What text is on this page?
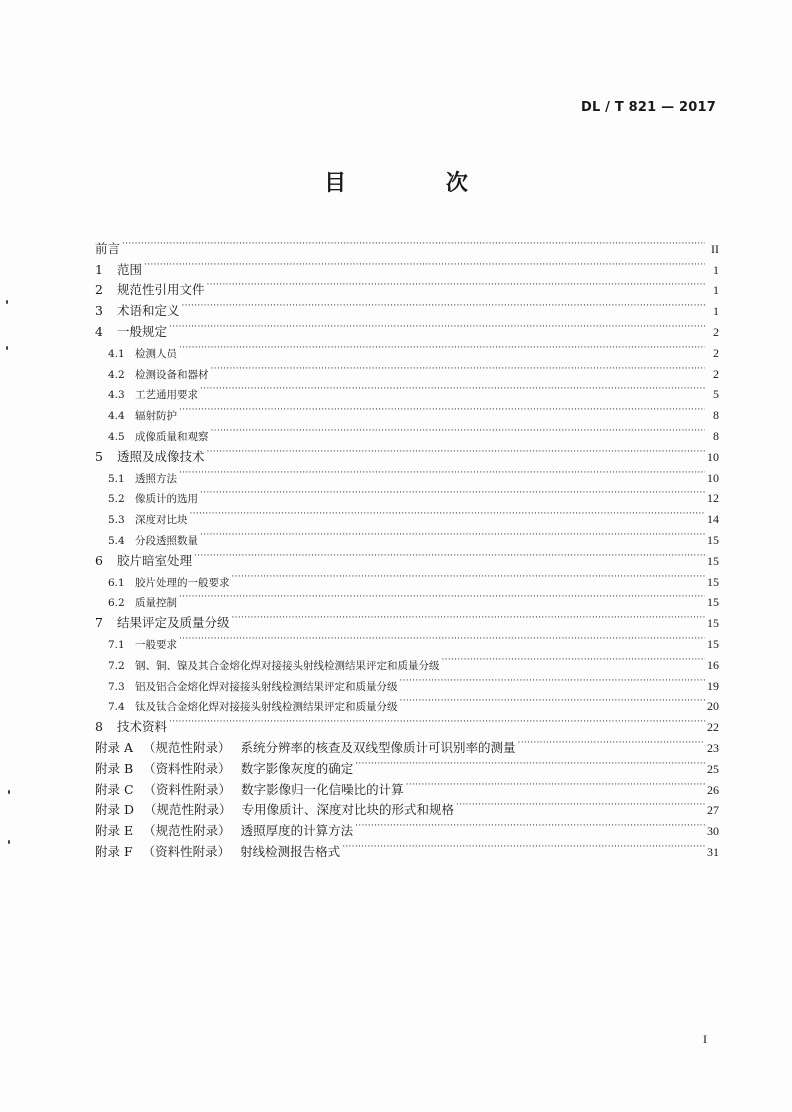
DL / T 821 — 2017
目 次
前言 ·····	II
1	范围 ·····	1
2	规范性引用文件 ·····	1
3	术语和定义 ·····	1
4	一般规定 ·····	2
4.1 检测人员 ·····	2
4.2 检测设备和器材 ·····	2
4.3 工艺通用要求 ·····	5
4.4 辐射防护 ·····	8
4.5 成像质量和观察 ·····	8
5	透照及成像技术 ·····	10
5.1 透照方法 ·····	10
5.2 像质计的选用 ·····	12
5.3 深度对比块 ·····	14
5.4 分段透照数量 ·····	15
6	胶片暗室处理 ·····	15
6.1 胶片处理的一般要求 ·····	15
6.2 质量控制 ·····	15
7	结果评定及质量分级 ·····	15
7.1 一般要求 ·····	15
7.2 钢、铜、镍及其合金熔化焊对接接头射线检测结果评定和质量分级 ·····	16
7.3 铝及铝合金熔化焊对接接头射线检测结果评定和质量分级 ·····	19
7.4 钛及钛合金熔化焊对接接头射线检测结果评定和质量分级 ·····	20
8	技术资料 ·····	22
附录 A （规范性附录） 系统分辨率的核查及双线型像质计可识别率的测量 ·····	23
附录 B （资料性附录） 数字影像灰度的确定 ·····	25
附录 C （资料性附录） 数字影像归一化信噪比的计算 ·····	26
附录 D （规范性附录） 专用像质计、深度对比块的形式和规格 ·····	27
附录 E （规范性附录） 透照厚度的计算方法 ·····	30
附录 F （资料性附录） 射线检测报告格式 ·····	31
I
